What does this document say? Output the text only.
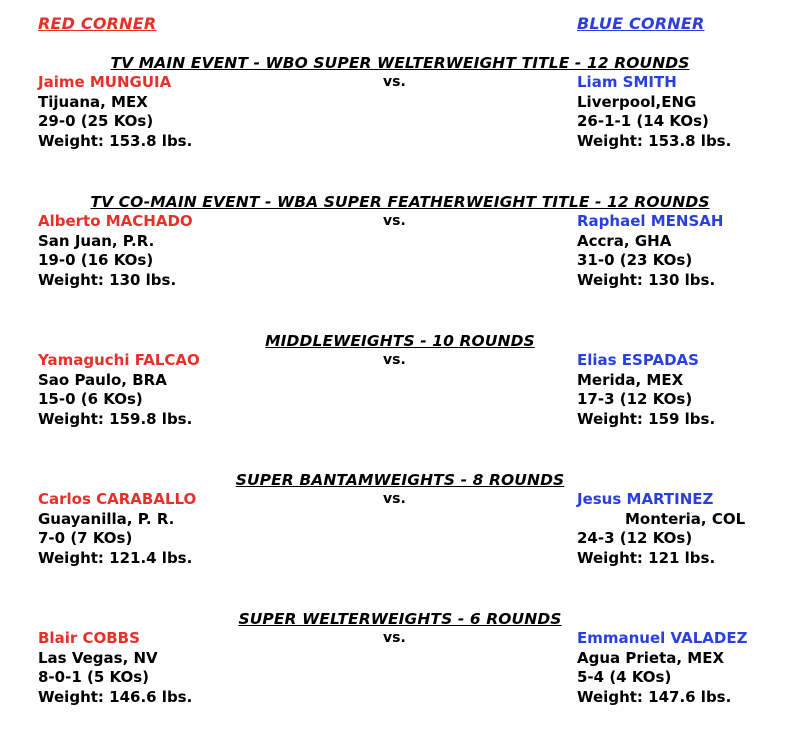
RED CORNER	BLUE CORNER
TV MAIN EVENT - WBO SUPER WELTERWEIGHT TITLE - 12 ROUNDS
vs.
Jaime MUNGUIA
Tijuana, MEX
29-0 (25 KOs)
Weight: 153.8 lbs.
Liam SMITH
Liverpool,ENG
26-1-1 (14 KOs)
Weight: 153.8 lbs.
TV CO-MAIN EVENT - WBA SUPER FEATHERWEIGHT TITLE - 12 ROUNDS
vs.
Alberto MACHADO
San Juan, P.R.
19-0 (16 KOs)
Weight: 130 lbs.
Raphael MENSAH
Accra, GHA
31-0 (23 KOs)
Weight: 130 lbs.
MIDDLEWEIGHTS - 10 ROUNDS
vs.
Yamaguchi FALCAO
Sao Paulo, BRA
15-0 (6 KOs)
Weight: 159.8 lbs.
Elias ESPADAS
Merida, MEX
17-3 (12 KOs)
Weight: 159 lbs.
SUPER BANTAMWEIGHTS - 8 ROUNDS
vs.
Carlos CARABALLO
Guayanilla, P. R.
7-0 (7 KOs)
Weight: 121.4 lbs.
Jesus MARTINEZ
Monteria, COL
24-3 (12 KOs)
Weight: 121 lbs.
SUPER WELTERWEIGHTS - 6 ROUNDS
vs.
Blair COBBS
Las Vegas, NV
8-0-1 (5 KOs)
Weight: 146.6 lbs.
Emmanuel VALADEZ
Agua Prieta, MEX
5-4 (4 KOs)
Weight: 147.6 lbs.
